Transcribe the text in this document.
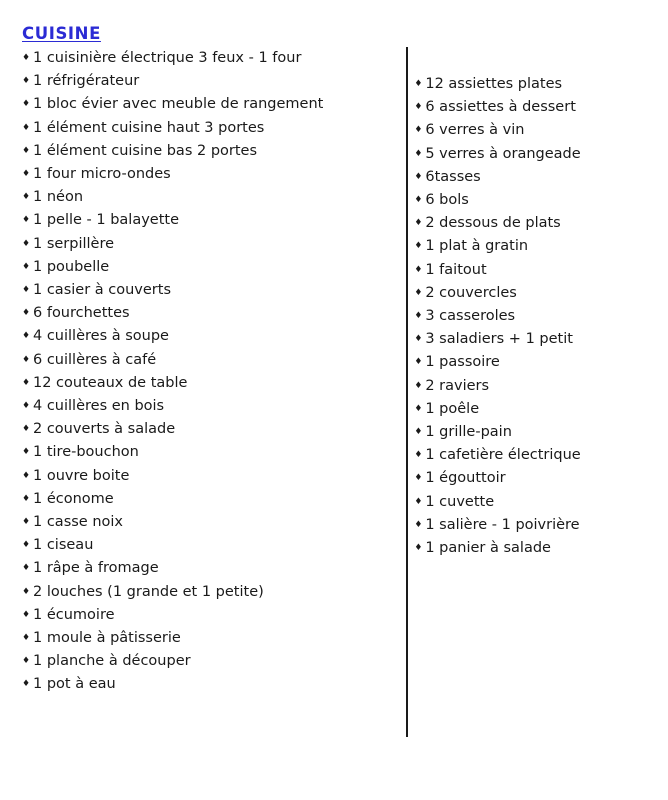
CUISINE
♦ 1 cuisinière électrique 3 feux - 1 four
♦ 1 réfrigérateur
♦ 1 bloc évier avec meuble de rangement
♦ 1 élément cuisine haut 3 portes
♦ 1 élément cuisine bas 2 portes
♦ 1 four micro-ondes
♦ 1 néon
♦ 1 pelle - 1 balayette
♦ 1 serpillère
♦ 1 poubelle
♦ 1 casier à couverts
♦ 6 fourchettes
♦ 4 cuillères à soupe
♦ 6 cuillères à café
♦ 12 couteaux de table
♦ 4 cuillères en bois
♦ 2 couverts à salade
♦ 1 tire-bouchon
♦ 1 ouvre boite
♦ 1 économe
♦ 1 casse noix
♦ 1 ciseau
♦ 1 râpe à fromage
♦ 2 louches (1 grande et 1 petite)
♦ 1 écumoire
♦ 1 moule à pâtisserie
♦ 1 planche à découper
♦ 1 pot à eau
♦ 12 assiettes plates
♦ 6 assiettes à dessert
♦ 6 verres à vin
♦ 5 verres à orangeade
♦ 6tasses
♦ 6 bols
♦ 2 dessous de plats
♦ 1 plat à gratin
♦ 1 faitout
♦ 2 couvercles
♦ 3 casseroles
♦ 3 saladiers + 1 petit
♦ 1 passoire
♦ 2 raviers
♦ 1 poêle
♦ 1 grille-pain
♦ 1 cafetière électrique
♦ 1 égouttoir
♦ 1 cuvette
♦ 1 salière - 1 poivrière
♦ 1 panier à salade
